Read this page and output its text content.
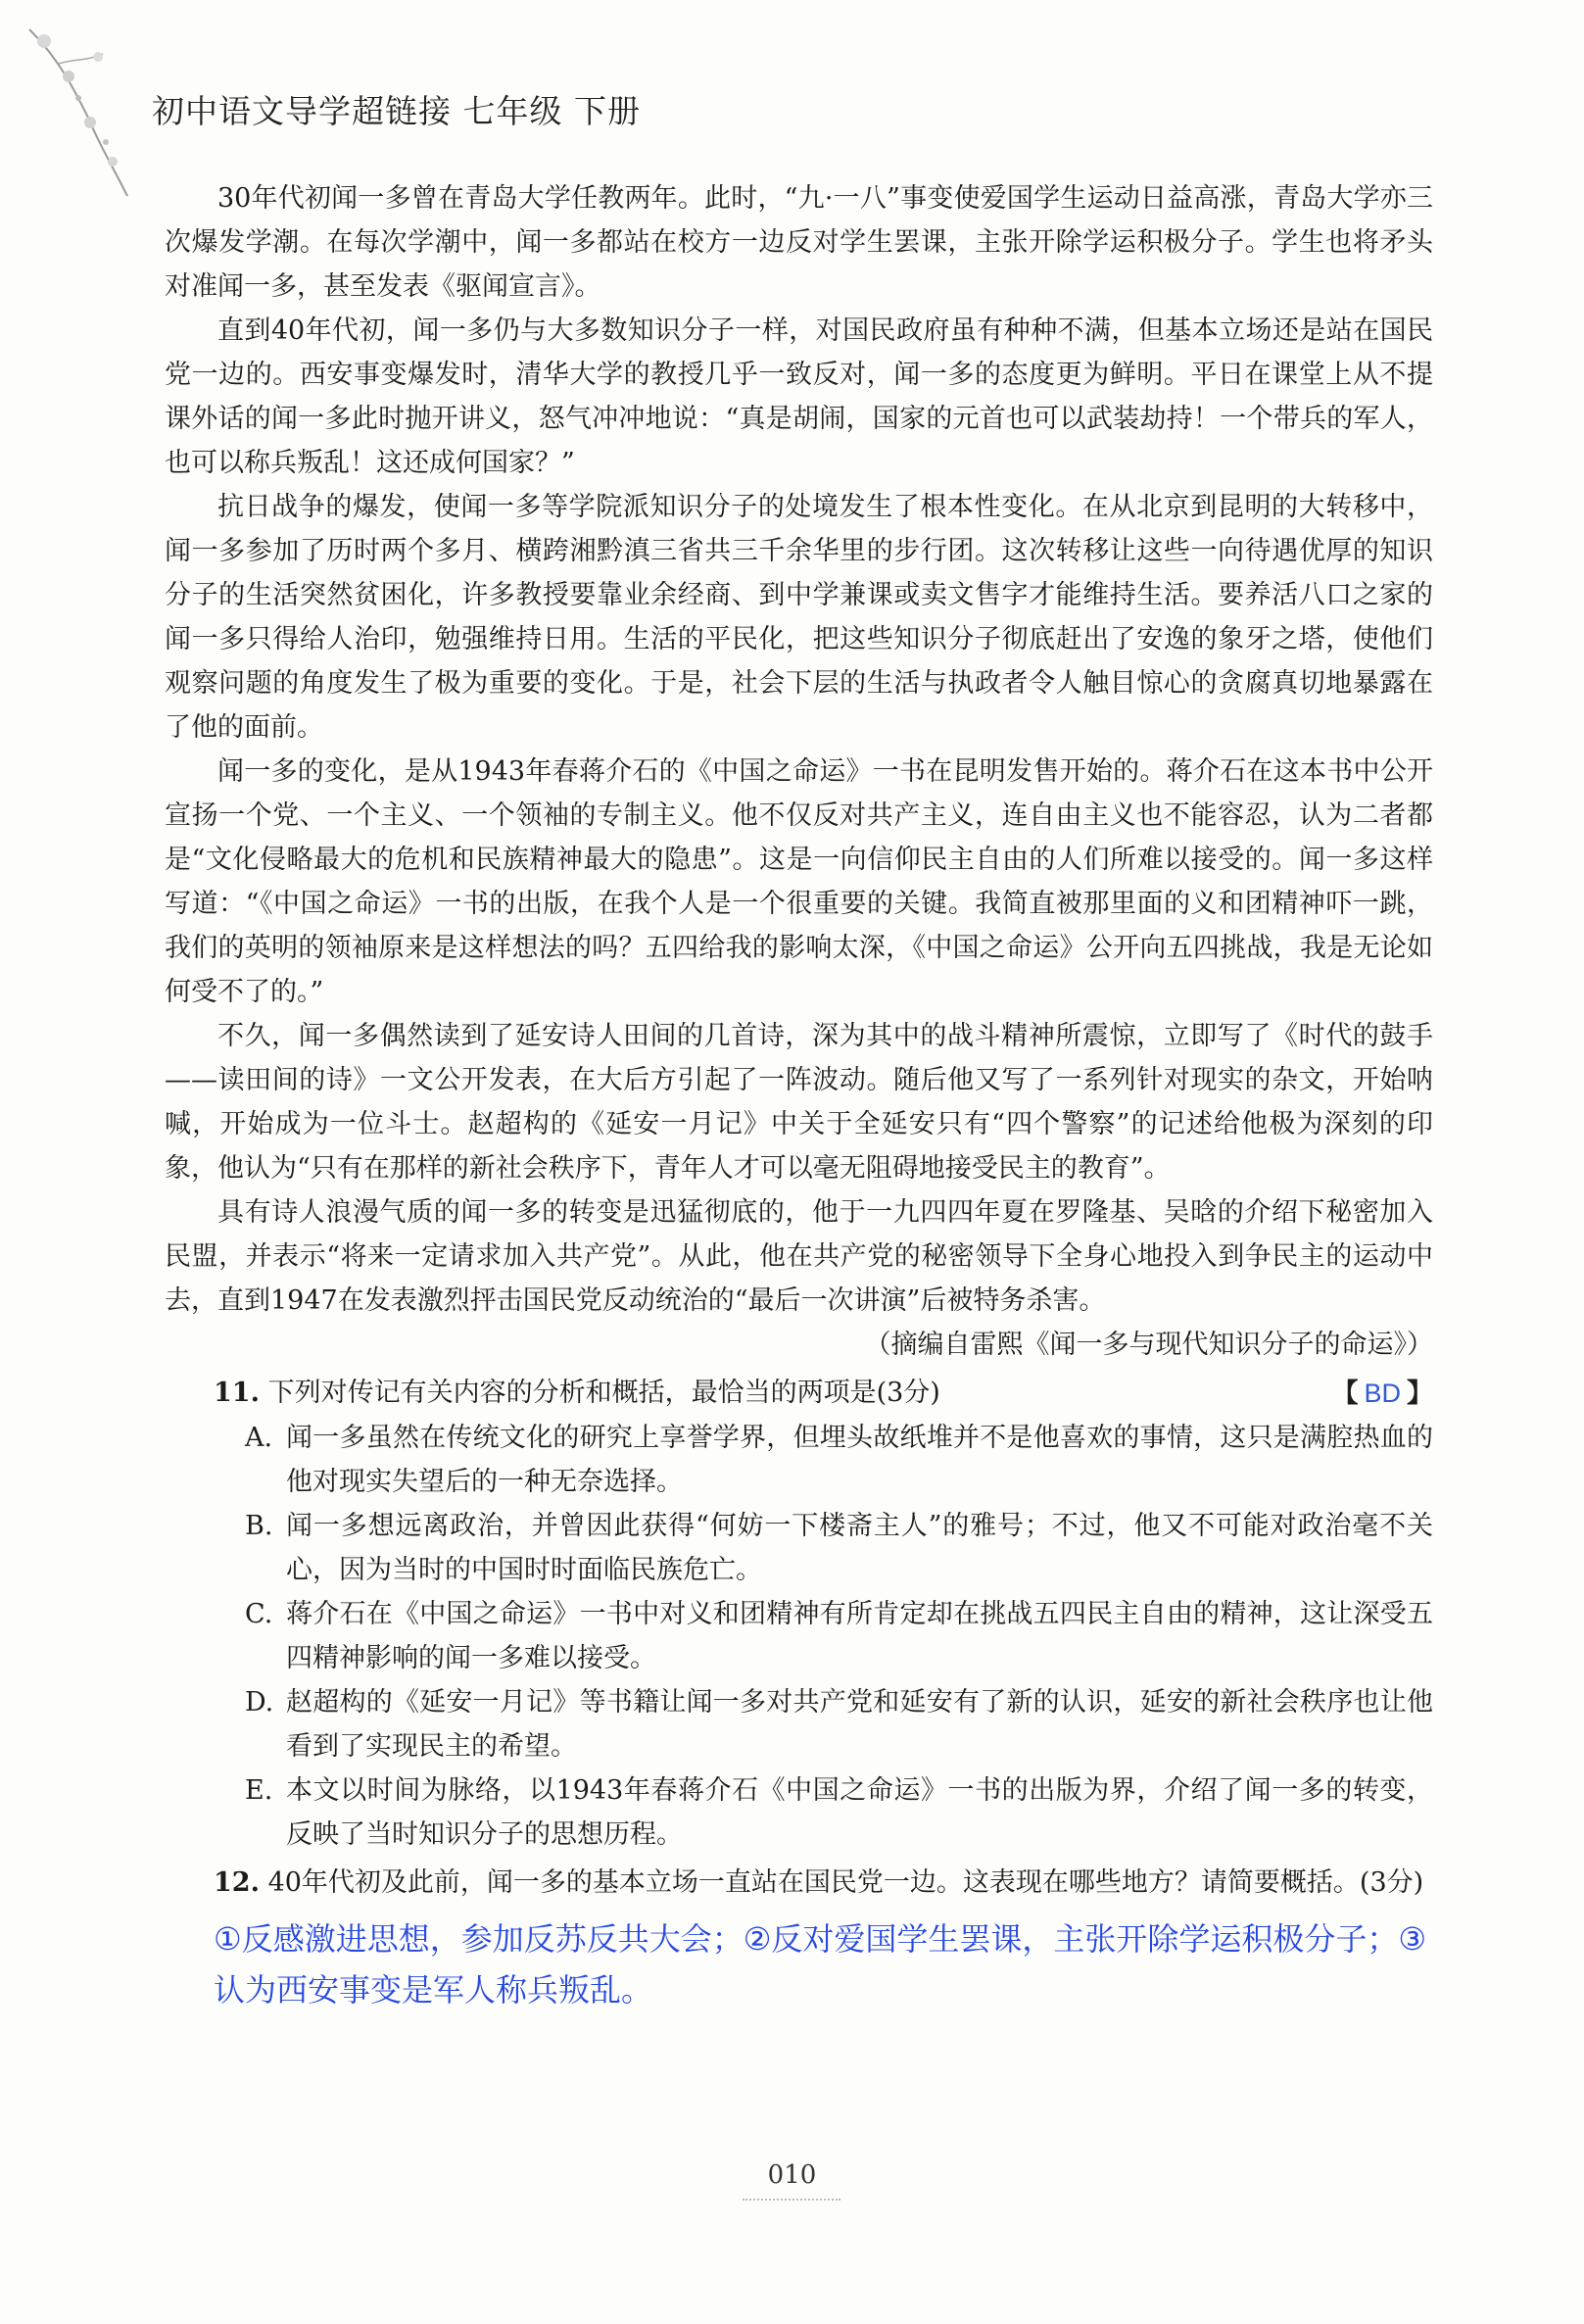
初中语文导学超链接 七年级 下册

30年代初闻一多曾在青岛大学任教两年。此时，“九·一八”事变使爱国学生运动日益高涨，青岛大学亦三次爆发学潮。在每次学潮中，闻一多都站在校方一边反对学生罢课，主张开除学运积极分子。学生也将矛头对准闻一多，甚至发表《驱闻宣言》。

直到40年代初，闻一多仍与大多数知识分子一样，对国民政府虽有种种不满，但基本立场还是站在国民党一边的。西安事变爆发时，清华大学的教授几乎一致反对，闻一多的态度更为鲜明。平日在课堂上从不提课外话的闻一多此时抛开讲义，怒气冲冲地说：“真是胡闹，国家的元首也可以武装劫持！一个带兵的军人，也可以称兵叛乱！这还成何国家？”

抗日战争的爆发，使闻一多等学院派知识分子的处境发生了根本性变化。在从北京到昆明的大转移中，闻一多参加了历时两个多月、横跨湘黔滇三省共三千余华里的步行团。这次转移让这些一向待遇优厚的知识分子的生活突然贫困化，许多教授要靠业余经商、到中学兼课或卖文售字才能维持生活。要养活八口之家的闻一多只得给人治印，勉强维持日用。生活的平民化，把这些知识分子彻底赶出了安逸的象牙之塔，使他们观察问题的角度发生了极为重要的变化。于是，社会下层的生活与执政者令人触目惊心的贪腐真切地暴露在了他的面前。

闻一多的变化，是从1943年春蒋介石的《中国之命运》一书在昆明发售开始的。蒋介石在这本书中公开宣扬一个党、一个主义、一个领袖的专制主义。他不仅反对共产主义，连自由主义也不能容忍，认为二者都是“文化侵略最大的危机和民族精神最大的隐患”。这是一向信仰民主自由的人们所难以接受的。闻一多这样写道：“《中国之命运》一书的出版，在我个人是一个很重要的关键。我简直被那里面的义和团精神吓一跳，我们的英明的领袖原来是这样想法的吗？五四给我的影响太深，《中国之命运》公开向五四挑战，我是无论如何受不了的。”

不久，闻一多偶然读到了延安诗人田间的几首诗，深为其中的战斗精神所震惊，立即写了《时代的鼓手——读田间的诗》一文公开发表，在大后方引起了一阵波动。随后他又写了一系列针对现实的杂文，开始呐喊，开始成为一位斗士。赵超构的《延安一月记》中关于全延安只有“四个警察”的记述给他极为深刻的印象，他认为“只有在那样的新社会秩序下，青年人才可以毫无阻碍地接受民主的教育”。

具有诗人浪漫气质的闻一多的转变是迅猛彻底的，他于一九四四年夏在罗隆基、吴晗的介绍下秘密加入民盟，并表示“将来一定请求加入共产党”。从此，他在共产党的秘密领导下全身心地投入到争民主的运动中去，直到1947在发表激烈抨击国民党反动统治的“最后一次讲演”后被特务杀害。

（摘编自雷熙《闻一多与现代知识分子的命运》）

11. 下列对传记有关内容的分析和概括，最恰当的两项是(3分)	【 BD 】
A. 闻一多虽然在传统文化的研究上享誉学界，但埋头故纸堆并不是他喜欢的事情，这只是满腔热血的他对现实失望后的一种无奈选择。
B. 闻一多想远离政治，并曾因此获得“何妨一下楼斋主人”的雅号；不过，他又不可能对政治毫不关心，因为当时的中国时时面临民族危亡。
C. 蒋介石在《中国之命运》一书中对义和团精神有所肯定却在挑战五四民主自由的精神，这让深受五四精神影响的闻一多难以接受。
D. 赵超构的《延安一月记》等书籍让闻一多对共产党和延安有了新的认识，延安的新社会秩序也让他看到了实现民主的希望。
E. 本文以时间为脉络，以1943年春蒋介石《中国之命运》一书的出版为界，介绍了闻一多的转变，反映了当时知识分子的思想历程。
12. 40年代初及此前，闻一多的基本立场一直站在国民党一边。这表现在哪些地方？请简要概括。(3分)
①反感激进思想，参加反苏反共大会；②反对爱国学生罢课，主张开除学运积极分子；③认为西安事变是军人称兵叛乱。
010
